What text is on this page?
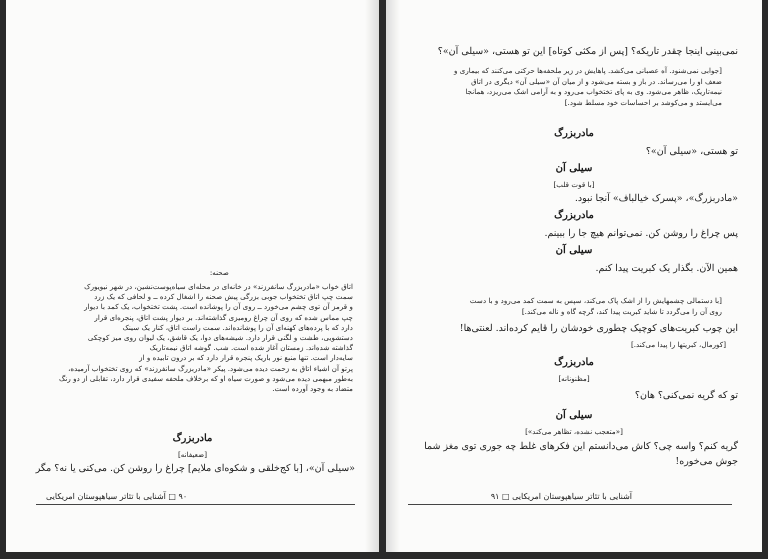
صحنه:
اتاق خواب «مادربزرگ سانفرزند» در خانه‌ای در محله‌ای سیاه‌پوست‌نشین، در شهر نیویورک
سمت چپ اتاق تختخواب جوبی بزرگی پیش صحنه را اشغال کرده ــ و لحافی که یک زرد
و قرمز آن توی چشم می‌خورد ــ روی آن را پوشانده است. پشت تختخواب، یک کمد با دیوار
چپ مماس شده که روی آن چراغ رومیزی گذاشته‌اند. بر دیوار پشت اتاق، پنجره‌ای قرار
دارد که با پرده‌های کهنه‌ای آن را پوشانده‌اند. سمت راست اتاق، کنار یک سینک
دستشویی، طشت و لگنی قرار دارد. شیشه‌های دوا، یک قاشق، یک لیوان روی میز کوچکی
گذاشته شده‌اند. زمستان آغاز شده است. شب. گوشه اتاق نیمه‌تاریک
سایه‌دار است. تنها منبع نور باریک پنجره قرار دارد که بر درون تابیده و از
پرتو آن اشیاء اتاق به زحمت دیده می‌شود. پیکر «مادربزرگ سانفرزند» که روی تختخواب آرمیده،
به‌طور مبهمی دیده می‌شود و صورت سیاه او که برخلاف ملحفه سفیدی قرار دارد، تقابلی از دو رنگ
متضاد به وجود آورده است.
مادربزرگ
[ضعیفانه]
«سیلی آن»، [با کج‌خلقی و شکوه‌ای ملایم] چراغ را روشن کن. می‌کنی یا نه؟ مگر
۹۰ □ آشنایی با تئاتر سیاهپوستان امریکایی
نمی‌بینی اینجا چقدر تاریکه؟ [پس از مکثی کوتاه] این تو هستی، «سیلی آن»؟
[جوابی نمی‌شنود. آه عصبانی می‌کشد. پاهایش در زیر ملحفه‌ها حرکتی می‌کنند که بیماری و
ضعف او را می‌رساند. در باز و بسته می‌شود و از میان آن «سیلی آن» دیگری در اتاق
نیمه‌تاریک، ظاهر می‌شود. وی به پای تختخواب می‌رود و به آرامی اشک می‌ریزد، همانجا
می‌ایستد و می‌کوشد بر احساسات خود مسلط شود.]
مادربزرگ
تو هستی، «سیلی آن»؟
سیلی آن
[با قوت قلب]
«مادربزرگ»، «پسرک خیالباف» آنجا نبود.
مادربزرگ
پس چراغ را روشن کن. نمی‌توانم هیچ جا را ببینم.
سیلی آن
همین الآن. بگذار یک کبریت پیدا کنم.
[با دستمالی چشمهایش را از اشک پاک می‌کند، سپس به سمت کمد می‌رود و با دست
روی آن را می‌گردد تا شاید کبریت پیدا کند، گرچه گاه و ناله می‌کند.]
این چوب کبریت‌های کوچیک چطوری خودشان را قایم کرده‌اند. لعنتی‌ها!
[کورمال، کبریتها را پیدا می‌کند.]
مادربزرگ
[مظنونانه]
تو که گریه نمی‌کنی؟ هان؟
سیلی آن
[«متعجب نشده، تظاهر می‌کند»]
گریه کنم؟ واسه چی؟ کاش می‌دانستم این فکرهای غلط چه جوری توی مغز شما
جوش می‌خوره!
آشنایی با تئاتر سیاهپوستان امریکایی □ ۹۱
